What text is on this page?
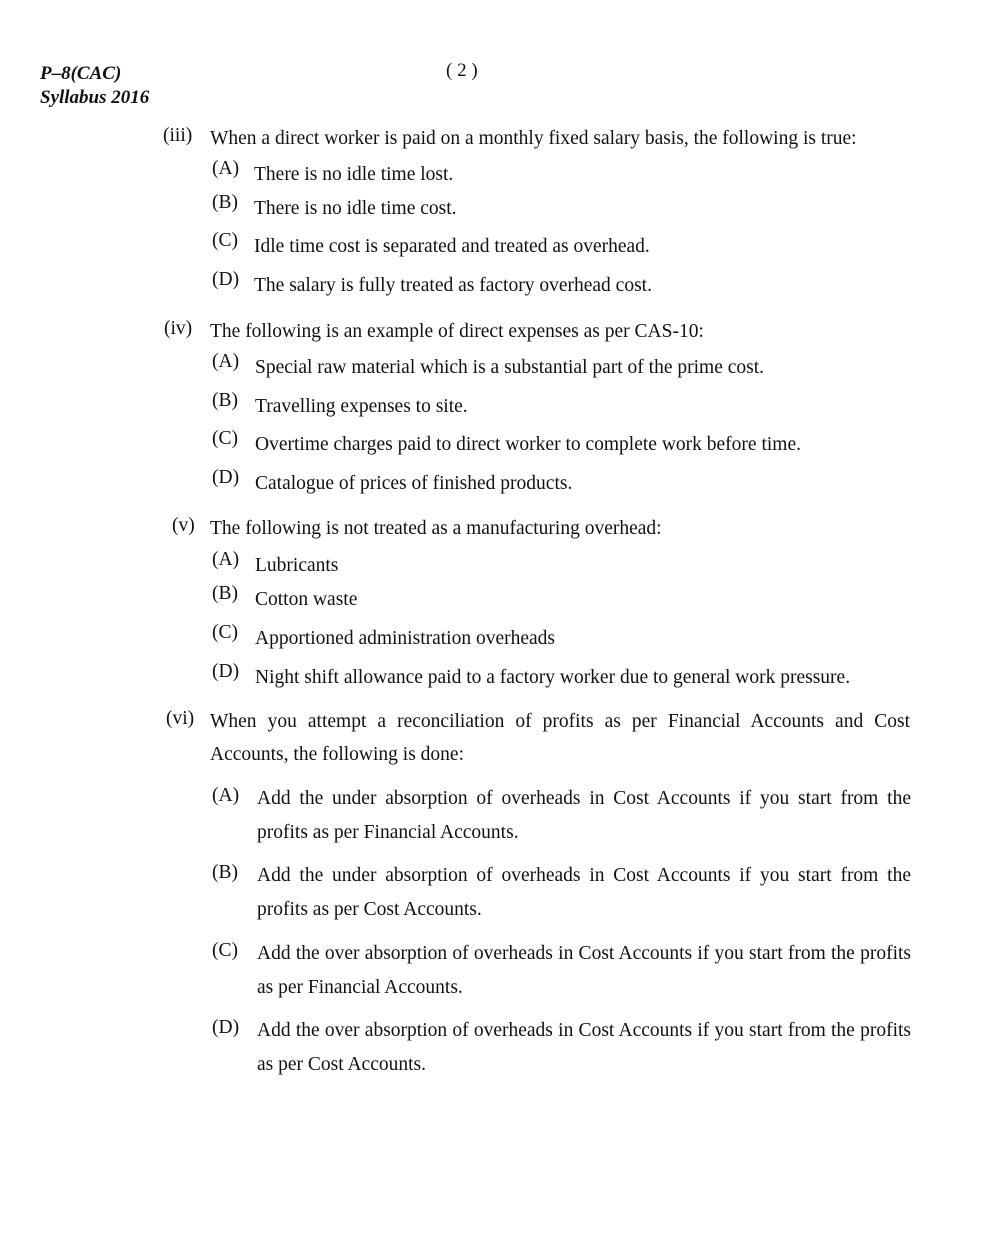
P–8(CAC)
Syllabus 2016
( 2 )
(iii) When a direct worker is paid on a monthly fixed salary basis, the following is true:
(A) There is no idle time lost.
(B) There is no idle time cost.
(C) Idle time cost is separated and treated as overhead.
(D) The salary is fully treated as factory overhead cost.
(iv) The following is an example of direct expenses as per CAS-10:
(A) Special raw material which is a substantial part of the prime cost.
(B) Travelling expenses to site.
(C) Overtime charges paid to direct worker to complete work before time.
(D) Catalogue of prices of finished products.
(v) The following is not treated as a manufacturing overhead:
(A) Lubricants
(B) Cotton waste
(C) Apportioned administration overheads
(D) Night shift allowance paid to a factory worker due to general work pressure.
(vi) When you attempt a reconciliation of profits as per Financial Accounts and Cost Accounts, the following is done:
(A) Add the under absorption of overheads in Cost Accounts if you start from the profits as per Financial Accounts.
(B) Add the under absorption of overheads in Cost Accounts if you start from the profits as per Cost Accounts.
(C) Add the over absorption of overheads in Cost Accounts if you start from the profits as per Financial Accounts.
(D) Add the over absorption of overheads in Cost Accounts if you start from the profits as per Cost Accounts.
